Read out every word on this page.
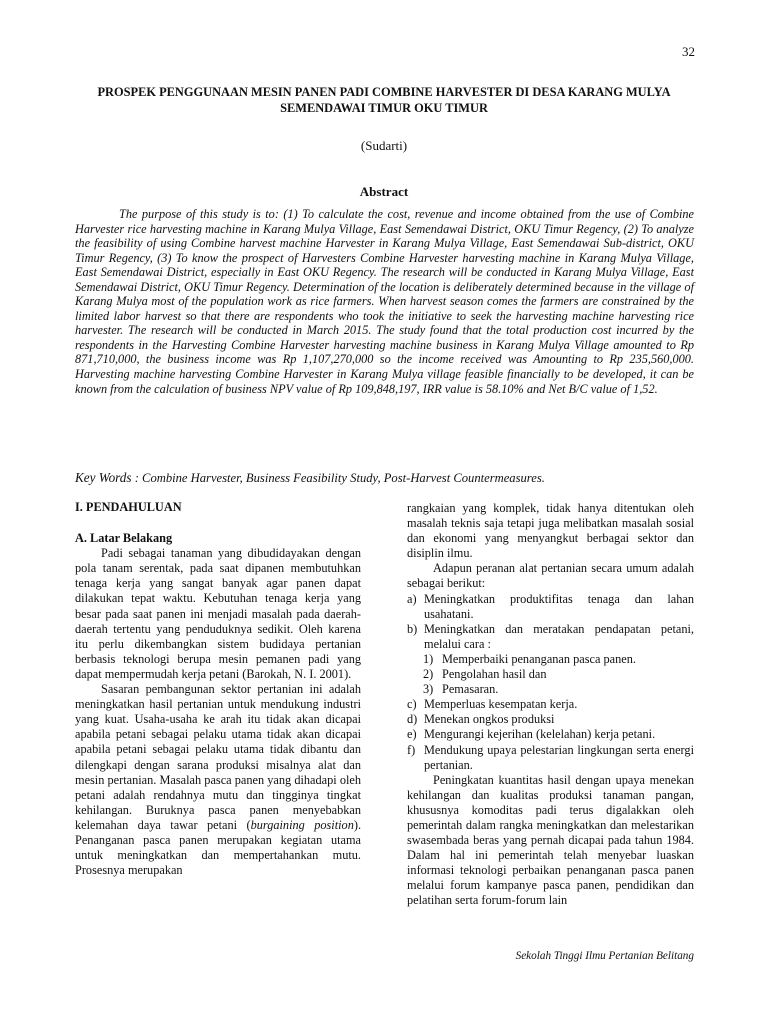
32
PROSPEK PENGGUNAAN MESIN PANEN PADI COMBINE HARVESTER DI DESA KARANG MULYA SEMENDAWAI TIMUR OKU TIMUR
(Sudarti)
Abstract

The purpose of this study is to: (1) To calculate the cost, revenue and income obtained from the use of Combine Harvester rice harvesting machine in Karang Mulya Village, East Semendawai District, OKU Timur Regency, (2) To analyze the feasibility of using Combine harvest machine Harvester in Karang Mulya Village, East Semendawai Sub-district, OKU Timur Regency, (3) To know the prospect of Harvesters Combine Harvester harvesting machine in Karang Mulya Village, East Semendawai District, especially in East OKU Regency. The research will be conducted in Karang Mulya Village, East Semendawai District, OKU Timur Regency. Determination of the location is deliberately determined because in the village of Karang Mulya most of the population work as rice farmers. When harvest season comes the farmers are constrained by the limited labor harvest so that there are respondents who took the initiative to seek the harvesting machine harvesting rice harvester. The research will be conducted in March 2015. The study found that the total production cost incurred by the respondents in the Harvesting Combine Harvester harvesting machine business in Karang Mulya Village amounted to Rp 871,710,000, the business income was Rp 1,107,270,000 so the income received was Amounting to Rp 235,560,000. Harvesting machine harvesting Combine Harvester in Karang Mulya village feasible financially to be developed, it can be known from the calculation of business NPV value of Rp 109,848,197, IRR value is 58.10% and Net B/C value of 1,52.

Key Words : Combine Harvester, Business Feasibility Study, Post-Harvest Countermeasures.

I. PENDAHULUAN

A. Latar Belakang

Padi sebagai tanaman yang dibudidayakan dengan pola tanam serentak, pada saat dipanen membutuhkan tenaga kerja yang sangat banyak agar panen dapat dilakukan tepat waktu. Kebutuhan tenaga kerja yang besar pada saat panen ini menjadi masalah pada daerah-daerah tertentu yang penduduknya sedikit. Oleh karena itu perlu dikembangkan sistem budidaya pertanian berbasis teknologi berupa mesin pemanen padi yang dapat mempermudah kerja petani (Barokah, N. I. 2001).

Sasaran pembangunan sektor pertanian ini adalah meningkatkan hasil pertanian untuk mendukung industri yang kuat. Usaha-usaha ke arah itu tidak akan dicapai apabila petani sebagai pelaku utama tidak akan dicapai apabila petani sebagai pelaku utama tidak dibantu dan dilengkapi dengan sarana produksi misalnya alat dan mesin pertanian. Masalah pasca panen yang dihadapi oleh petani adalah rendahnya mutu dan tingginya tingkat kehilangan. Buruknya pasca panen menyebabkan kelemahan daya tawar petani (burgaining position). Penanganan pasca panen merupakan kegiatan utama untuk meningkatkan dan mempertahankan mutu. Prosesnya merupakan

rangkaian yang komplek, tidak hanya ditentukan oleh masalah teknis saja tetapi juga melibatkan masalah sosial dan ekonomi yang menyangkut berbagai sektor dan disiplin ilmu.

Adapun peranan alat pertanian secara umum adalah sebagai berikut:

a) Meningkatkan produktifitas tenaga dan lahan usahatani.
b) Meningkatkan dan meratakan pendapatan petani, melalui cara :
1) Memperbaiki penanganan pasca panen.
2) Pengolahan hasil dan
3) Pemasaran.
c) Memperluas kesempatan kerja.
d) Menekan ongkos produksi
e) Mengurangi kejerihan (kelelahan) kerja petani.
f) Mendukung upaya pelestarian lingkungan serta energi pertanian.

Peningkatan kuantitas hasil dengan upaya menekan kehilangan dan kualitas produksi tanaman pangan, khususnya komoditas padi terus digalakkan oleh pemerintah dalam rangka meningkatkan dan melestarikan swasembada beras yang pernah dicapai pada tahun 1984. Dalam hal ini pemerintah telah menyebar luaskan informasi teknologi perbaikan penanganan pasca panen melalui forum kampanye pasca panen, pendidikan dan pelatihan serta forum-forum lain

Sekolah Tinggi Ilmu Pertanian Belitang
